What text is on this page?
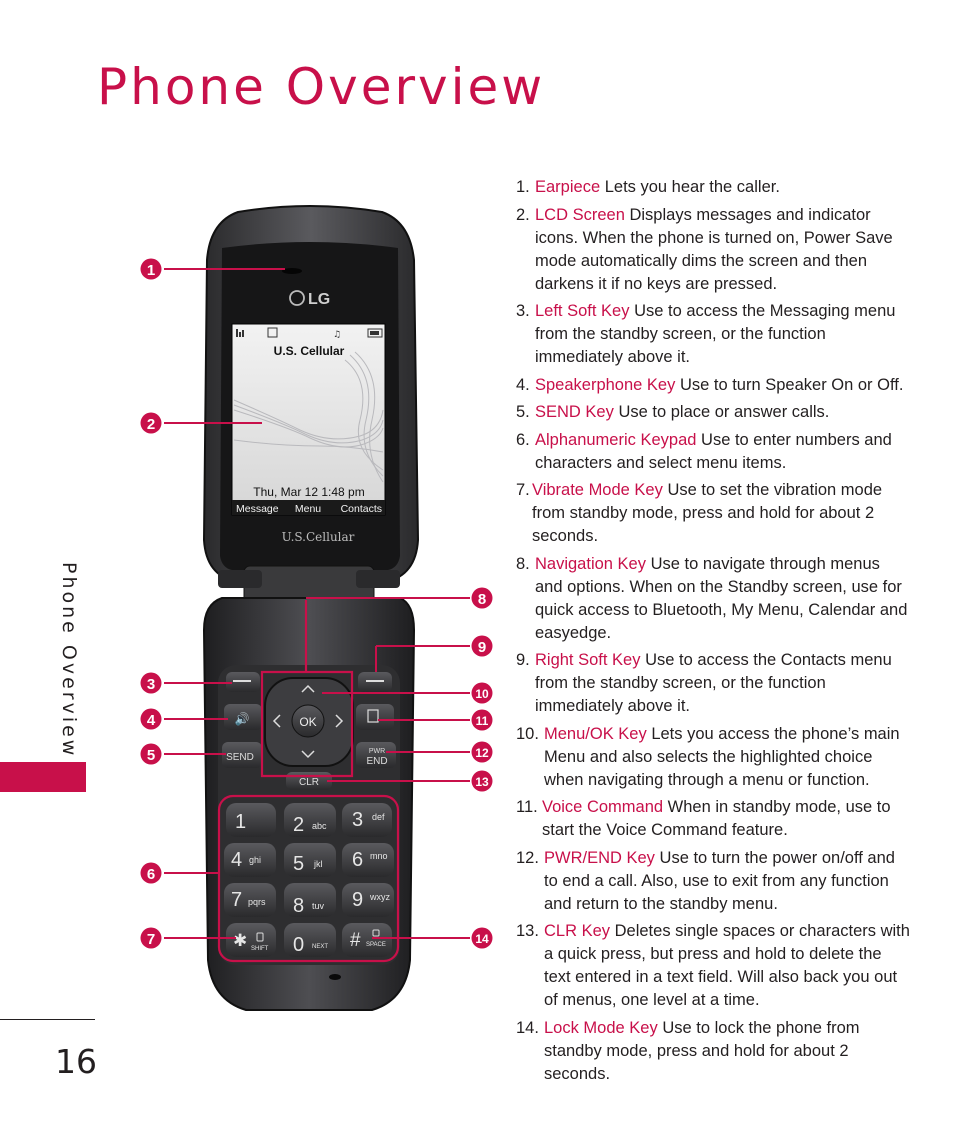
Phone Overview
Phone Overview
16
LG
♫
U.S. Cellular
Thu, Mar 12 1:48 pm
Message Menu Contacts
U.S.Cellular
OK
🔊
SEND
PWR
END
CLR
1 2 abc 3 def
4 ghi 5 jkl 6 mno
7 pqrs 8 tuv 9 wxyz
✱ SHIFT 0 NEXT # SPACE
1
2
3
4
5
6
7
8
9
10
11
12
13
14
1. Earpiece Lets you hear the caller.
2. LCD Screen Displays messages and indicator icons. When the phone is turned on, Power Save mode automatically dims the screen and then darkens it if no keys are pressed.
3. Left Soft Key Use to access the Messaging menu from the standby screen, or the function immediately above it.
4. Speakerphone Key Use to turn Speaker On or Off.
5. SEND Key Use to place or answer calls.
6. Alphanumeric Keypad Use to enter numbers and characters and select menu items.
7. Vibrate Mode Key Use to set the vibration mode from standby mode, press and hold for about 2 seconds.
8. Navigation Key Use to navigate through menus and options. When on the Standby screen, use for quick access to Bluetooth, My Menu, Calendar and easyedge.
9. Right Soft Key Use to access the Contacts menu from the standby screen, or the function immediately above it.
10. Menu/OK Key Lets you access the phone’s main Menu and also selects the highlighted choice when navigating through a menu or function.
11. Voice Command When in standby mode, use to start the Voice Command feature.
12. PWR/END Key Use to turn the power on/off and to end a call. Also, use to exit from any function and return to the standby menu.
13. CLR Key Deletes single spaces or characters with a quick press, but press and hold to delete the text entered in a text field. Will also back you out of menus, one level at a time.
14. Lock Mode Key Use to lock the phone from standby mode, press and hold for about 2 seconds.
